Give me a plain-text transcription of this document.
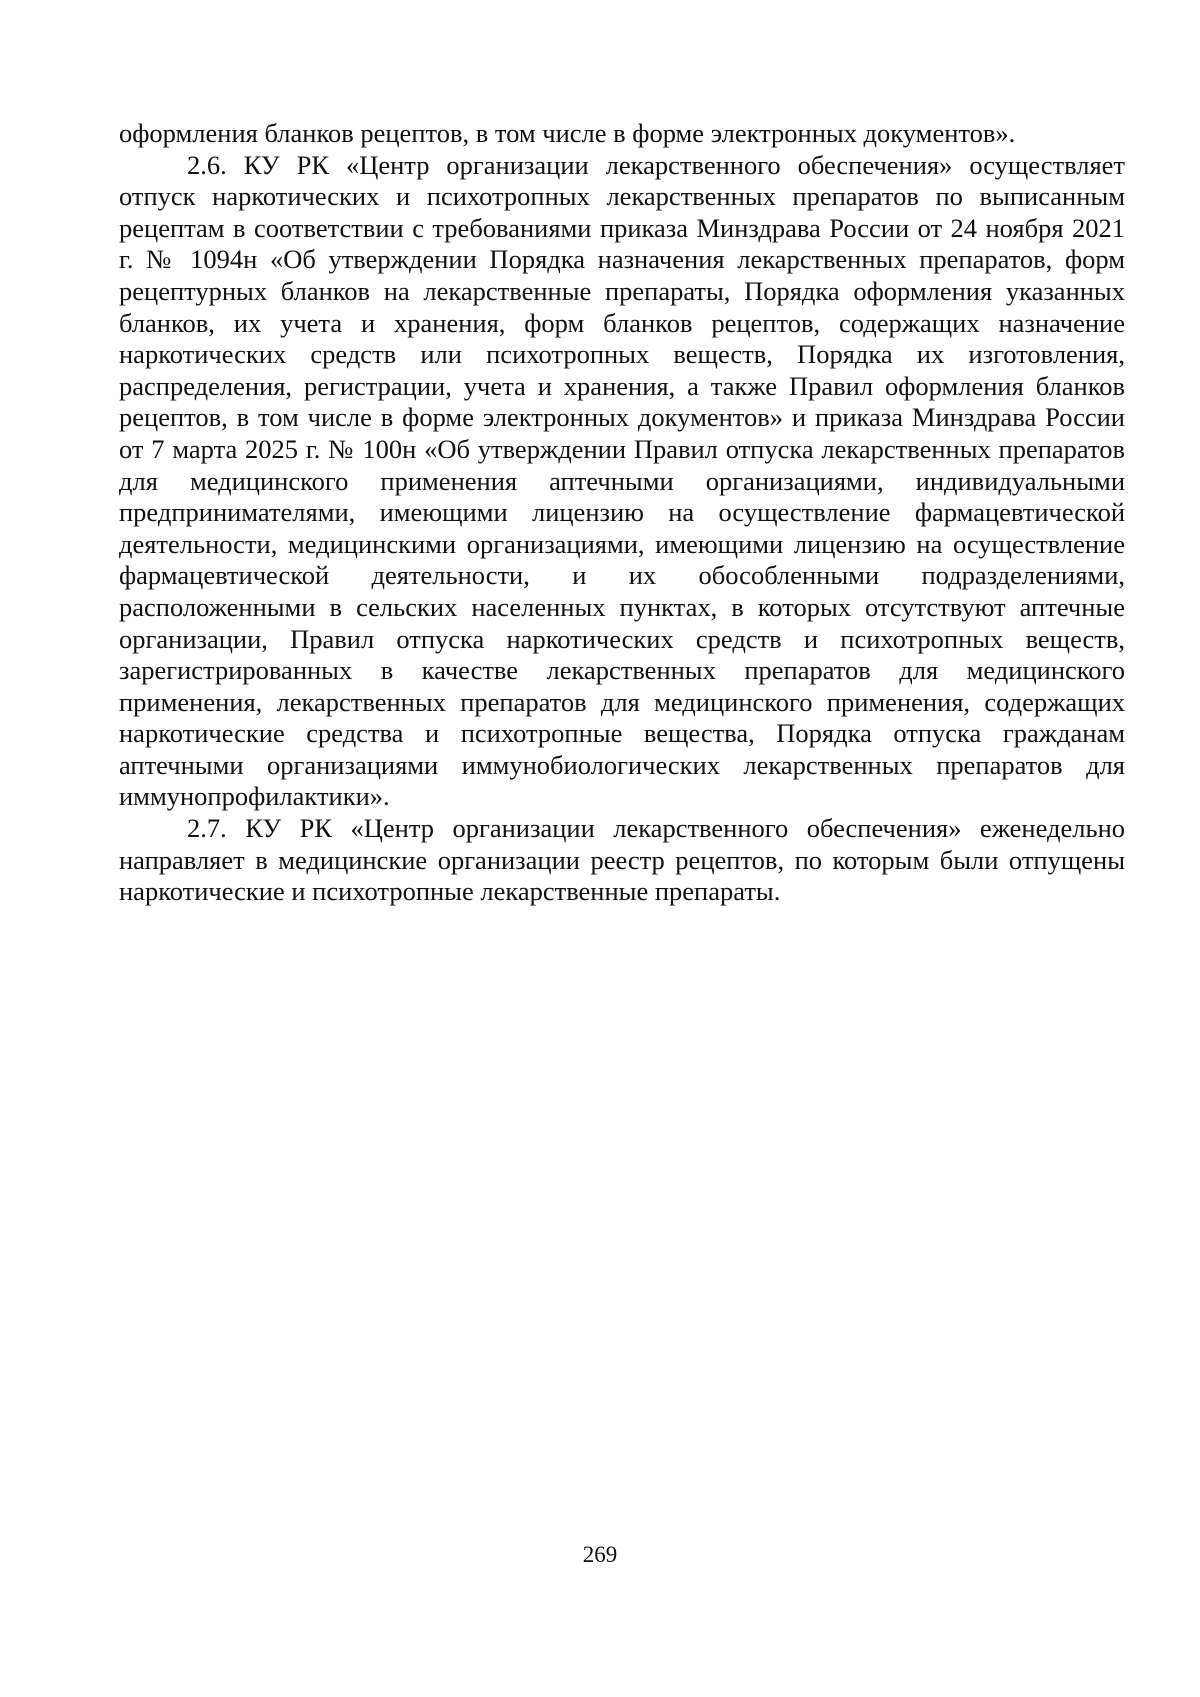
оформления бланков рецептов, в том числе в форме электронных документов».

2.6. КУ РК «Центр организации лекарственного обеспечения» осуществляет отпуск наркотических и психотропных лекарственных препаратов по выписанным рецептам в соответствии с требованиями приказа Минздрава России от 24 ноября 2021 г. № 1094н «Об утверждении Порядка назначения лекарственных препаратов, форм рецептурных бланков на лекарственные препараты, Порядка оформления указанных бланков, их учета и хранения, форм бланков рецептов, содержащих назначение наркотических средств или психотропных веществ, Порядка их изготовления, распределения, регистрации, учета и хранения, а также Правил оформления бланков рецептов, в том числе в форме электронных документов» и приказа Минздрава России от 7 марта 2025 г. № 100н «Об утверждении Правил отпуска лекарственных препаратов для медицинского применения аптечными организациями, индивидуальными предпринимателями, имеющими лицензию на осуществление фармацевтической деятельности, медицинскими организациями, имеющими лицензию на осуществление фармацевтической деятельности, и их обособленными подразделениями, расположенными в сельских населенных пунктах, в которых отсутствуют аптечные организации, Правил отпуска наркотических средств и психотропных веществ, зарегистрированных в качестве лекарственных препаратов для медицинского применения, лекарственных препаратов для медицинского применения, содержащих наркотические средства и психотропные вещества, Порядка отпуска гражданам аптечными организациями иммунобиологических лекарственных препаратов для иммунопрофилактики».

2.7. КУ РК «Центр организации лекарственного обеспечения» еженедельно направляет в медицинские организации реестр рецептов, по которым были отпущены наркотические и психотропные лекарственные препараты.

269
